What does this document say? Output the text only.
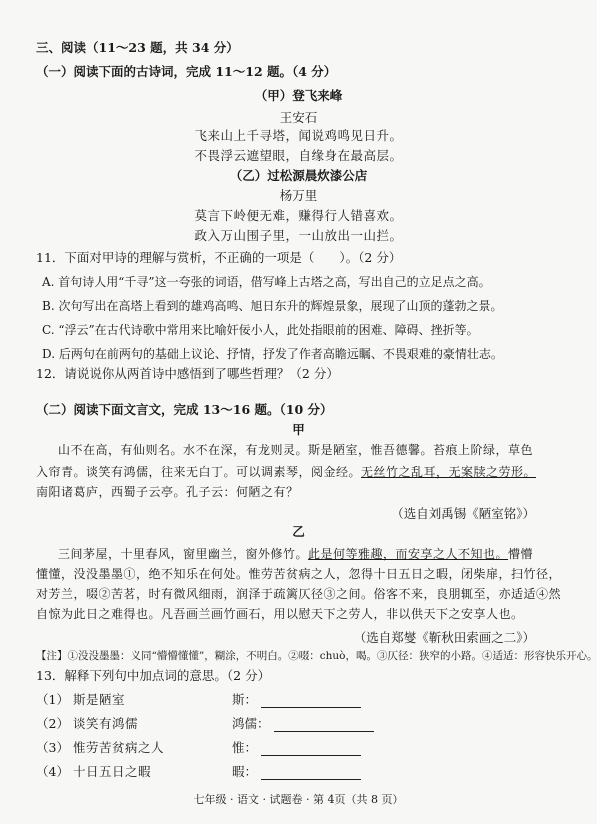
三、阅读（11～23 题，共 34 分）
（一）阅读下面的古诗词，完成 11～12 题。（4 分）
（甲）登飞来峰
王安石
飞来山上千寻塔，闻说鸡鸣见日升。
不畏浮云遮望眼，自缘身在最高层。
（乙）过松源晨炊漆公店
杨万里
莫言下岭便无难，赚得行人错喜欢。
政入万山围子里，一山放出一山拦。
11．下面对甲诗的理解与赏析，不正确的一项是（　　）。（2 分）
A. 首句诗人用“千寻”这一夸张的词语，借写峰上古塔之高，写出自己的立足点之高。
B. 次句写出在高塔上看到的雄鸡高鸣、旭日东升的辉煌景象，展现了山顶的蓬勃之景。
C. “浮云”在古代诗歌中常用来比喻奸佞小人，此处指眼前的困难、障碍、挫折等。
D. 后两句在前两句的基础上议论、抒情，抒发了作者高瞻远瞩、不畏艰难的豪情壮志。
12．请说说你从两首诗中感悟到了哪些哲理？（2 分）
（二）阅读下面文言文，完成 13～16 题。（10 分）
甲
山不在高，有仙则名。水不在深，有龙则灵。斯是陋室，惟吾德馨。苔痕上阶绿，草色
入帘青。谈笑有鸿儒，往来无白丁。可以调素琴，阅金经。无丝竹之乱耳，无案牍之劳形。
南阳诸葛庐，西蜀子云亭。孔子云：何陋之有？
（选自刘禹锡《陋室铭》）
乙
三间茅屋，十里春风，窗里幽兰，窗外修竹。此是何等雅趣，而安享之人不知也。懵懵
懂懂，没没墨墨①，绝不知乐在何处。惟劳苦贫病之人，忽得十日五日之暇，闭柴扉，扫竹径，
对芳兰，啜②苦茗，时有微风细雨，润泽于疏篱仄径③之间。俗客不来，良朋辄至，亦适适④然
自惊为此日之难得也。凡吾画兰画竹画石，用以慰天下之劳人，非以供天下之安享人也。
（选自郑燮《靳秋田索画之二》）
【注】①没没墨墨：义同“懵懵懂懂”，糊涂，不明白。②啜：chuò，喝。③仄径：狭窄的小路。④适适：形容快乐开心。
13．解释下列句中加点词的意思。（2 分）
（1） 斯是陋室	斯：
（2） 谈笑有鸿儒	鸿儒：
（3） 惟劳苦贫病之人	惟：
（4） 十日五日之暇	暇：
七年级 · 语文 · 试题卷 · 第 4页（共 8 页）
